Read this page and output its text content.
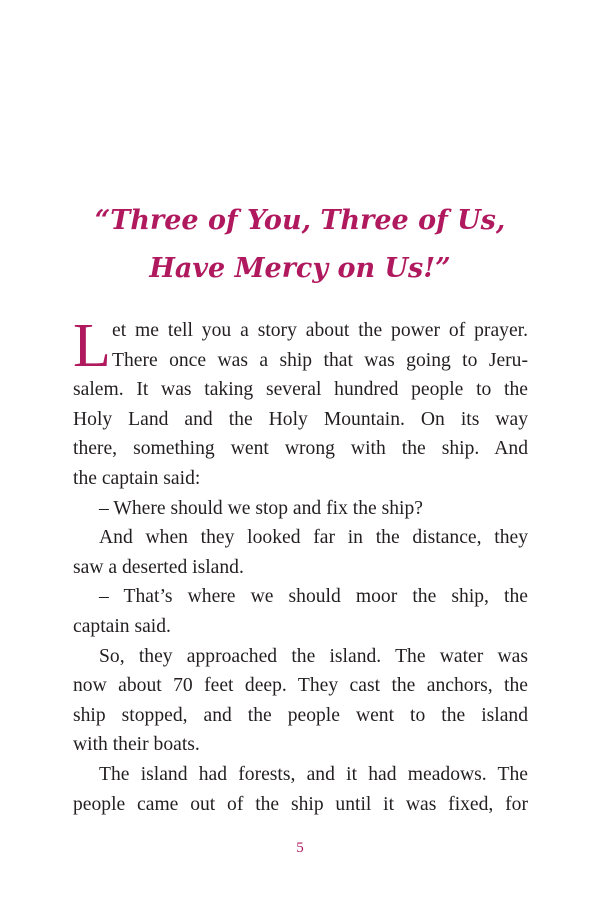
“Three of You, Three of Us,
Have Mercy on Us!”
L et me tell you a story about the power of prayer.
There once was a ship that was going to Jeru-
salem. It was taking several hundred people to the
Holy Land and the Holy Mountain. On its way
there, something went wrong with the ship. And
the captain said:
– Where should we stop and fix the ship?
And when they looked far in the distance, they
saw a deserted island.
– That’s where we should moor the ship, the
captain said.
So, they approached the island. The water was
now about 70 feet deep. They cast the anchors, the
ship stopped, and the people went to the island
with their boats.
The island had forests, and it had meadows. The
people came out of the ship until it was fixed, for
5
